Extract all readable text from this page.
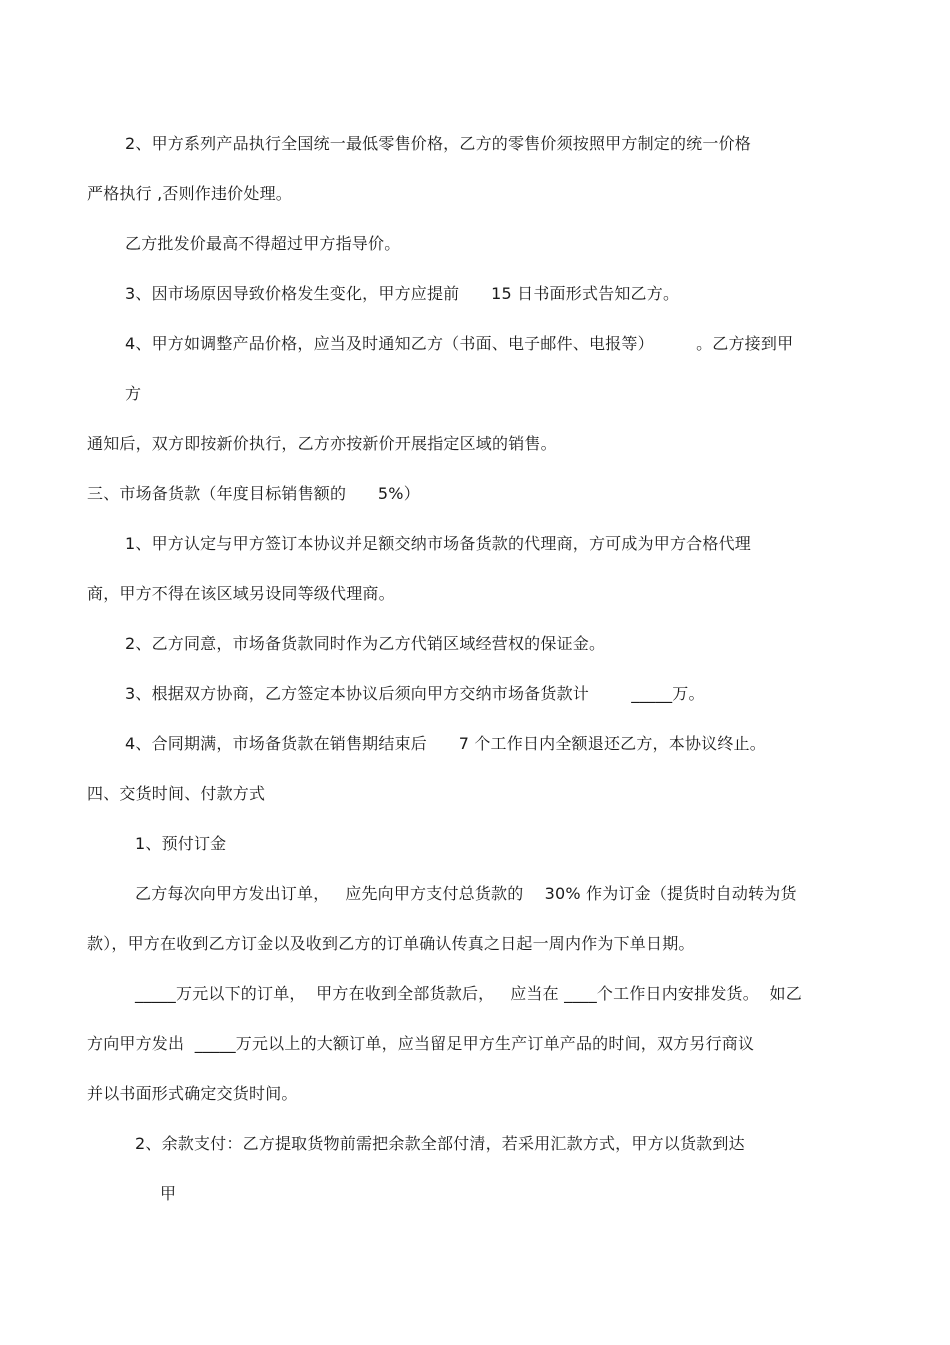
2、甲方系列产品执行全国统一最低零售价格，乙方的零售价须按照甲方制定的统一价格
严格执行 ,否则作违价处理。
乙方批发价最高不得超过甲方指导价。
3、因市场原因导致价格发生变化，甲方应提前      15 日书面形式告知乙方。
4、甲方如调整产品价格，应当及时通知乙方（书面、电子邮件、电报等）        。乙方接到甲
方
通知后，双方即按新价执行，乙方亦按新价开展指定区域的销售。
三、市场备货款（年度目标销售额的      5%）
1、甲方认定与甲方签订本协议并足额交纳市场备货款的代理商，方可成为甲方合格代理
商，甲方不得在该区域另设同等级代理商。
2、乙方同意，市场备货款同时作为乙方代销区域经营权的保证金。
3、根据双方协商，乙方签定本协议后须向甲方交纳市场备货款计        _____万。
4、合同期满，市场备货款在销售期结束后      7 个工作日内全额退还乙方，本协议终止。
四、交货时间、付款方式
1、预付订金
乙方每次向甲方发出订单，   应先向甲方支付总货款的    30% 作为订金（提货时自动转为货
款），甲方在收到乙方订金以及收到乙方的订单确认传真之日起一周内作为下单日期。
_____万元以下的订单，  甲方在收到全部货款后，   应当在 ____个工作日内安排发货。  如乙
方向甲方发出  _____万元以上的大额订单，应当留足甲方生产订单产品的时间，双方另行商议
并以书面形式确定交货时间。
2、余款支付：乙方提取货物前需把余款全部付清，若采用汇款方式，甲方以货款到达
甲
